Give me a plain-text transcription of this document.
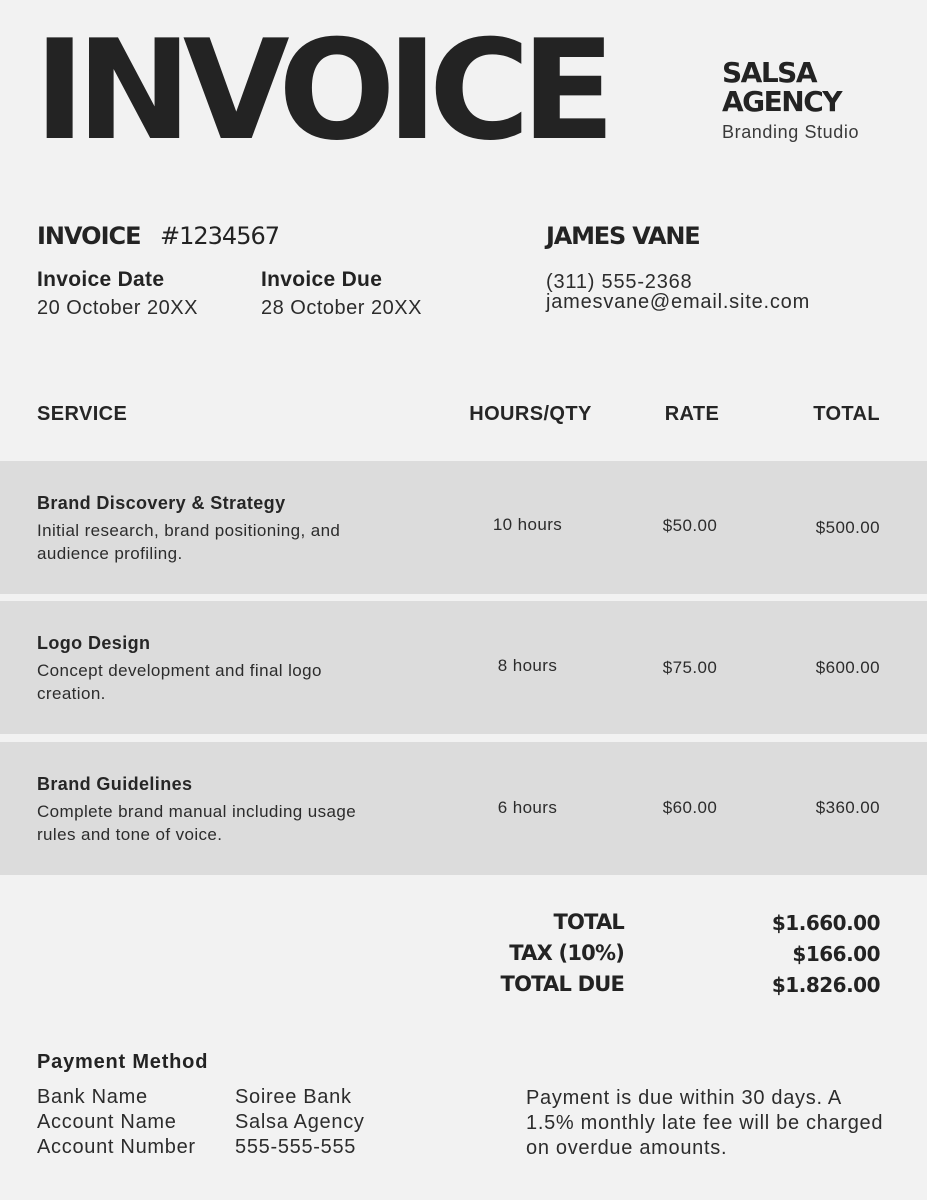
INVOICE	SALSA AGENCY
Branding Studio
INVOICE #1234567
Invoice Date
20 October 20XX
Invoice Due
28 October 20XX
JAMES VANE
(311) 555-2368
jamesvane@email.site.com
SERVICE	HOURS/QTY	RATE	TOTAL
Brand Discovery & Strategy
Initial research, brand positioning, and audience profiling.
10 hours	$50.00	$500.00
Logo Design
Concept development and final logo creation.
8 hours	$75.00	$600.00
Brand Guidelines
Complete brand manual including usage rules and tone of voice.
6 hours	$60.00	$360.00
TOTAL	$1.660.00
TAX (10%)	$166.00
TOTAL DUE	$1.826.00
Payment Method
Bank Name	Soiree Bank
Account Name	Salsa Agency
Account Number 555-555-555
Payment is due within 30 days. A 1.5% monthly late fee will be charged on overdue amounts.
